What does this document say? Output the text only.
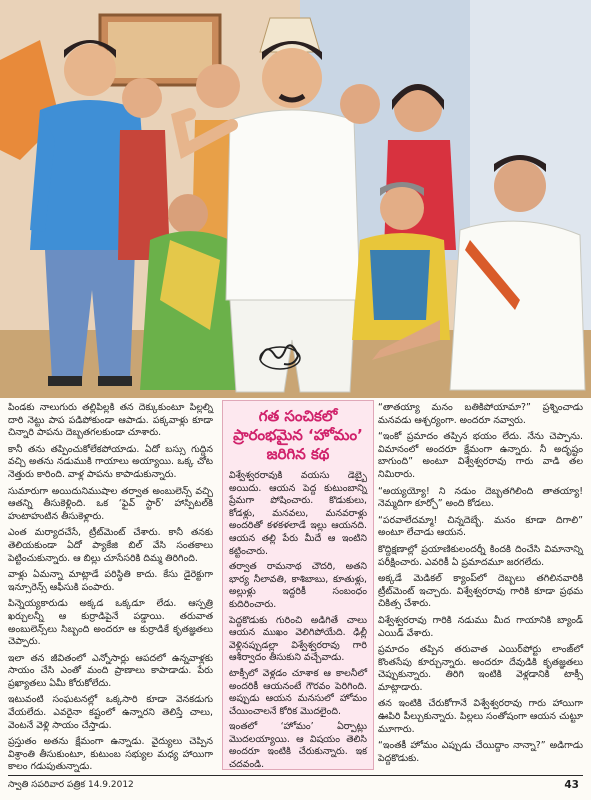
పిండకు నాలుగురు తల్లిపిల్లకి తన దెక్కుకుంటూ పిల్లల్ని దారి నెట్టు పాప పడిపోకుండా ఆపాడు. పక్కవాళ్లు కూడా చిన్నారి పాపను దెబ్బతగలకుండా చూశారు.

కానీ తను తప్పించుకోలేకపోయాడు. ఏదో బస్సు గుద్దిన వచ్చి అతను నడుముకి గాయాలు అయ్యాయి. ఒక్క చోట నెత్తురు కారింది. వాళ్ల పాపను కాపాడుకున్నారు.

సుమారుగా అయిదునిముషాల తర్వాత అంబులెన్స్ వచ్చి ఆతన్ని తీసుకెళ్లింది. ఒక ‘ఫైవ్ స్టార్’ హాస్పిటల్‌కి హుటాహుటిన తీసుకెళ్లారు.

ఎంత మర్యాదచేసే, ట్రీట్‌మెంట్ చేశారు. కానీ తనకు తెలియకుండా ఏదో ప్యాకేజి బిల్ వేసి సంతకాలు పెట్టించుకున్నారు. ఆ బిల్లు చూసేసరికి దిమ్మ తిరిగింది.

వాళ్లు ఏమన్నా మాట్లాడే పరిస్థితి కాదు. కేసు డైరెక్టుగా ఇన్సూరెన్స్ ఆఫీసుకి పంపారు.

పిన్నెయ్యకారుడు అక్కడ ఒక్కడూ లేడు. ఆస్పత్రి ఖర్చులన్నీ ఆ కుర్రాడిపైనే పడ్డాయి. తరువాత అంబులెన్స్‌లు సిబ్బంది అందరూ ఆ కుర్రాడికే కృతజ్ఞతలు చెప్పారు.

ఇలా తన జీవితంలో ఎన్నోసార్లు ఆపదలో ఉన్నవాళ్లకు సాయం చేసి ఎంతో మంది ప్రాణాలు కాపాడాడు. పేరు ప్రఖ్యాతలు ఏమీ కోరుకోలేదు.

ఇటువంటి సంఘటనల్లో ఒక్కసారి కూడా వెనకడుగు వేయలేదు. ఎవరైనా కష్టంలో ఉన్నారని తెలిస్తే చాలు, వెంటనే వెళ్లి సాయం చేస్తాడు.

ప్రస్తుతం అతను క్షేమంగా ఉన్నాడు. వైద్యులు చెప్పిన విశ్రాంతి తీసుకుంటూ, కుటుంబ సభ్యుల మధ్య హాయిగా కాలం గడుపుతున్నాడు.

గత సంచికలో ప్రారంభమైన ‘హోమం’ జరిగిన కథ

విశ్వేశ్వరరావుకి వయసు డెబ్బై అయిదు. ఆయన పెద్ద కుటుంబాన్ని ప్రేమగా పోషించారు. కొడుకులు, కోడళ్లు, మనవలు, మనవరాళ్లు అందరితో కళకళలాడే ఇల్లు ఆయనది. ఆయన తల్లి పేరు మీదే ఆ ఇంటిని కట్టించారు.

తర్వాత రామనాథ చౌదరి, అతని భార్య నీలావతి, కాశిబాబు, కూతుళ్లు, అల్లుళ్లు ఇద్దరికీ సంబంధం కుదిరించారు.

పెద్దకొడుకు గురించి అడిగితే చాలు ఆయన ముఖం వెలిగిపోయేది. ఢిల్లీ వెళ్లినప్పుడల్లా విశ్వేశ్వరరావు గారి ఆశీర్వాదం తీసుకుని వచ్చేవాడు.

టాక్సీలో వెళ్లడం చూశాక ఆ కాలనీలో అందరికీ ఆయనంటే గౌరవం పెరిగింది. అప్పుడు ఆయన మనసులో హోమం చేయించాలనే కోరిక మొదలైంది.

ఇంతలో ‘హోమం’ ఏర్పాట్లు మొదలయ్యాయి. ఆ విషయం తెలిసి అందరూ ఇంటికి చేరుకున్నారు. ఇక చదవండి.

“తాతయ్యా మనం బతికిపోయామా?” ప్రశ్నించాడు మనవడు ఆశ్చర్యంగా. అందరూ నవ్వారు.

“ఇంకో ప్రమాదం తప్పిన భయం లేదు. నేను చెప్పాను. విమానంలో అందరూ క్షేమంగా ఉన్నారు. నీ అదృష్టం బాగుంది” అంటూ విశ్వేశ్వరరావు గారు వాడి తల నిమిరారు.

“అయ్యయ్యో! ని నడుం దెబ్బతగిలింది తాతయ్యా! నెమ్మదిగా కూర్చో” అంది కోడలు.

“పరవాలేదమ్మా! చిన్నదెబ్బే. మనం కూడా దిగాలి” అంటూ లేచాడు ఆయన.

కొద్దిక్షణాల్లో ప్రయాణికులందర్నీ కిందకి దించేసి విమానాన్ని పరీక్షించారు. ఎవరికీ ఏ ప్రమాదమూ జరగలేదు.

అక్కడే మెడికల్ క్యాంప్‌లో దెబ్బలు తగిలినవారికి ట్రీట్‌మెంట్ ఇచ్చారు. విశ్వేశ్వరరావు గారికి కూడా ప్రథమ చికిత్స చేశారు.

విశ్వేశ్వరరావు గారికి నడుము మీద గాయానికి బ్యాండ్ ఎయిడ్ వేశారు.

ప్రమాదం తప్పిన తరువాత ఎయిర్‌పోర్టు లాంజ్‌లో కొంతసేపు కూర్చున్నారు. అందరూ దేవుడికి కృతజ్ఞతలు చెప్పుకున్నారు. తిరిగి ఇంటికి వెళ్లడానికి టాక్సీ మాట్లాడారు.

తన ఇంటికి చేరుకోగానే విశ్వేశ్వరరావు గారు హాయిగా ఊపిరి పీల్చుకున్నారు. పిల్లలు సంతోషంగా ఆయన చుట్టూ మూగారు.

“ఇంతకీ హోమం ఎప్పుడు చేయిద్దాం నాన్నా?” అడిగాడు పెద్దకొడుకు.

స్వాతి సపరివార పత్రిక 14.9.2012	43
